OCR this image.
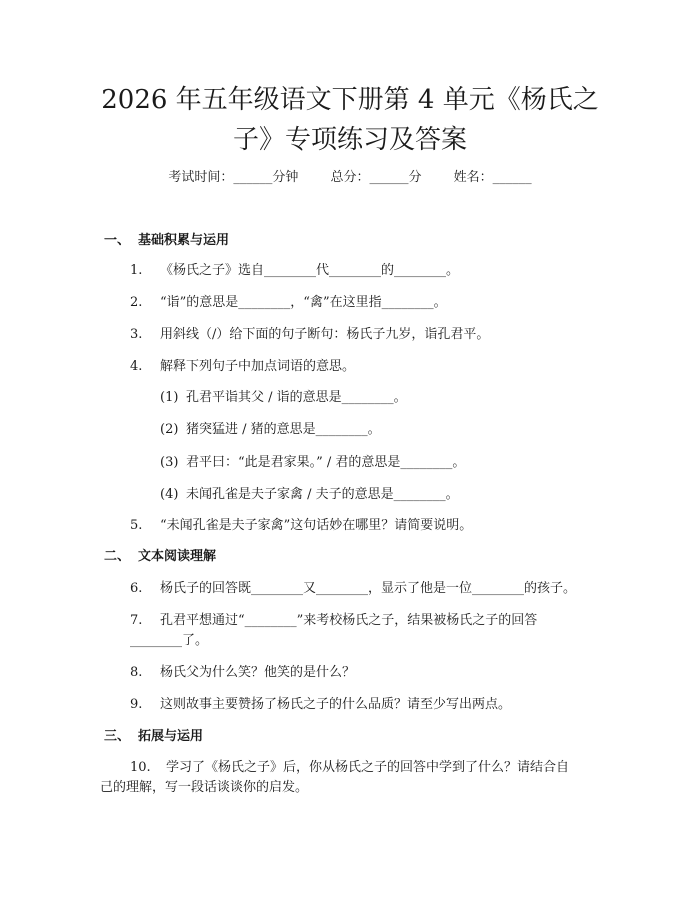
2026 年五年级语文下册第 4 单元《杨氏之
子》专项练习及答案
考试时间：______分钟 总分：______分 姓名：______
一、 基础积累与运用
1. 《杨氏之子》选自________代________的________。
2. “诣”的意思是________，“禽”在这里指________。
3. 用斜线（/）给下面的句子断句：杨氏子九岁，诣孔君平。
4. 解释下列句子中加点词语的意思。
(1) 孔君平诣其父 / 诣的意思是________。
(2) 猪突猛进 / 猪的意思是________。
(3) 君平曰：“此是君家果。” / 君的意思是________。
(4) 未闻孔雀是夫子家禽 / 夫子的意思是________。
5. “未闻孔雀是夫子家禽”这句话妙在哪里？请简要说明。
二、 文本阅读理解
6. 杨氏子的回答既________又________，显示了他是一位________的孩子。
7. 孔君平想通过“________”来考校杨氏之子，结果被杨氏之子的回答
________了。
8. 杨氏父为什么笑？他笑的是什么？
9. 这则故事主要赞扬了杨氏之子的什么品质？请至少写出两点。
三、 拓展与运用
10. 学习了《杨氏之子》后，你从杨氏之子的回答中学到了什么？请结合自
己的理解，写一段话谈谈你的启发。
